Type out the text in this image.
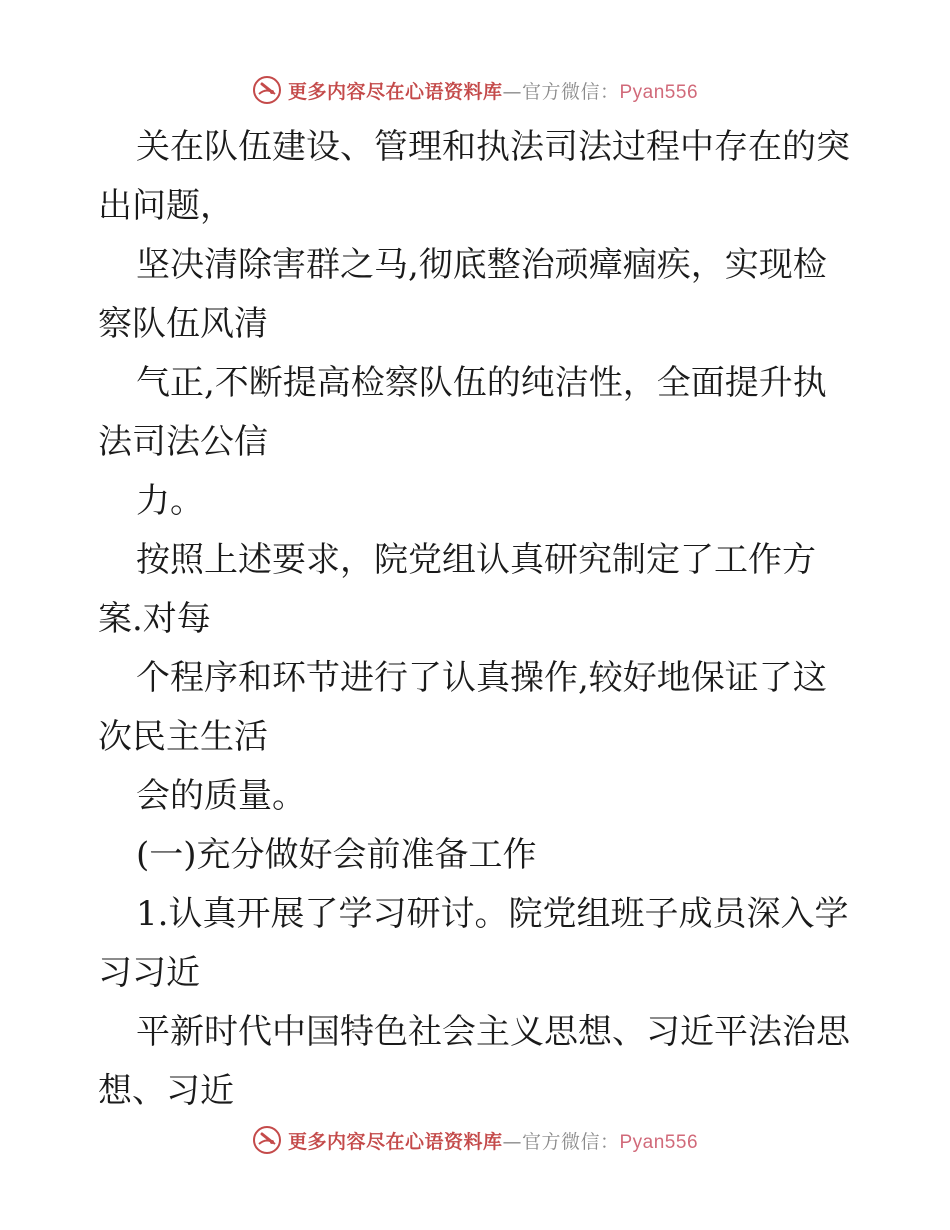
更多内容尽在心语资料库—官方微信：Pyan556
关在队伍建设、管理和执法司法过程中存在的突
出问题，
坚决清除害群之马,彻底整治顽瘴痼疾，实现检
察队伍风清
气正,不断提高检察队伍的纯洁性，全面提升执
法司法公信
力。
按照上述要求，院党组认真研究制定了工作方
案.对每
个程序和环节进行了认真操作,较好地保证了这
次民主生活
会的质量。
(一)充分做好会前准备工作
1.认真开展了学习研讨。院党组班子成员深入学
习习近
平新时代中国特色社会主义思想、习近平法治思
想、习近
更多内容尽在心语资料库—官方微信：Pyan556
